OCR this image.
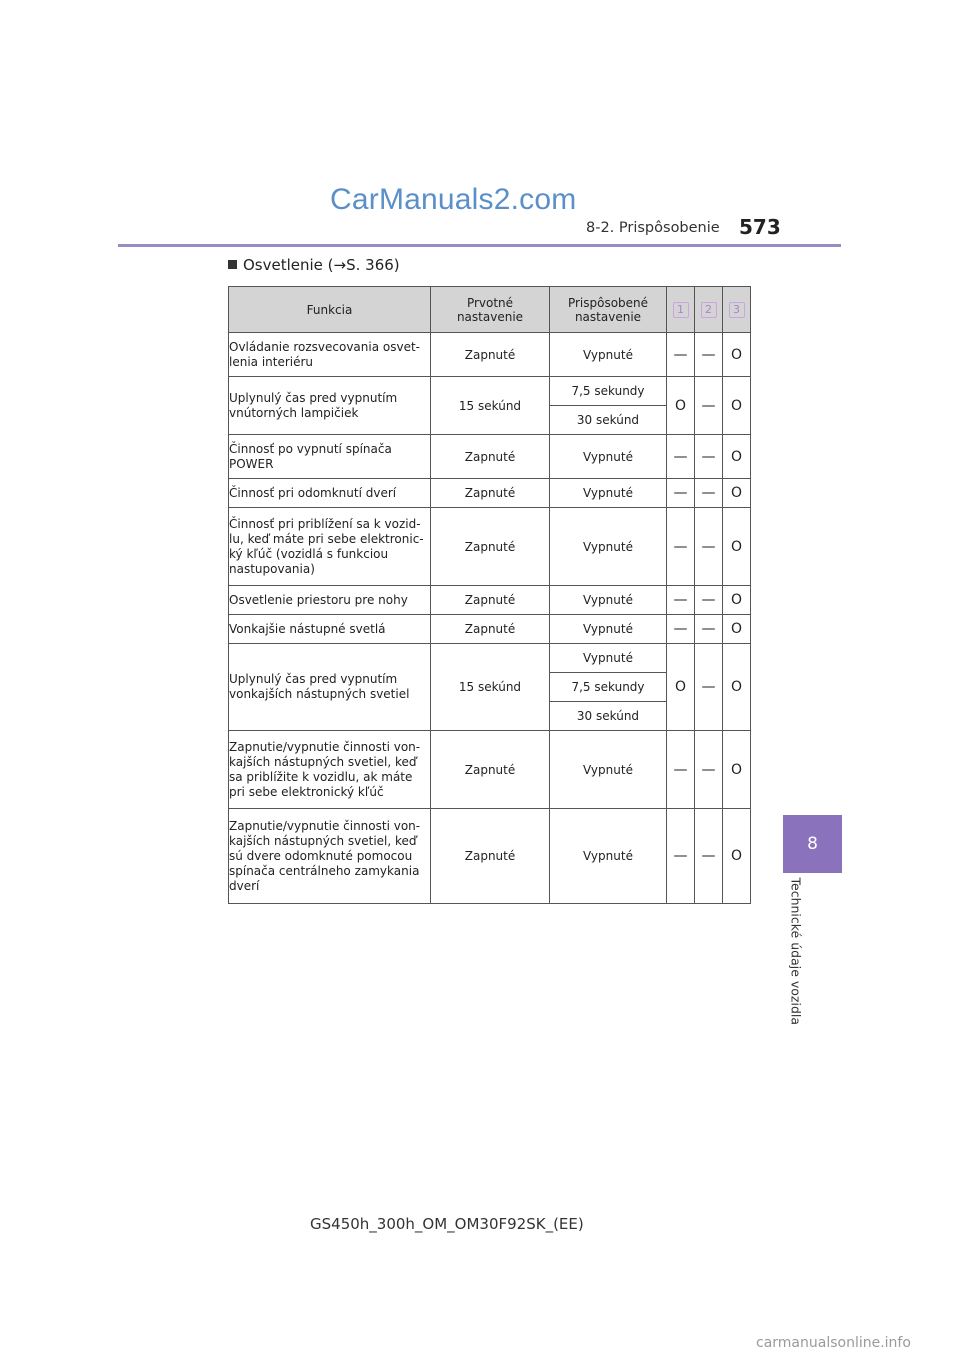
CarManuals2.com
8-2. Prispôsobenie 573
8
Technické údaje vozidla
Osvetlenie (→S. 366)
Funkcia	Prvotné nastavenie	Prispôsobené nastavenie	1	2	3
Ovládanie rozsvecovania osvet-lenia interiéru	Zapnuté	Vypnuté	—	—	O
Uplynulý čas pred vypnutím vnútorných lampičiek	15 sekúnd	7,5 sekundy	O	—	O
		30 sekúnd			
Činnosť po vypnutí spínača POWER	Zapnuté	Vypnuté	—	—	O
Činnosť pri odomknutí dverí	Zapnuté	Vypnuté	—	—	O
Činnosť pri priblížení sa k vozid-lu, keď máte pri sebe elektronic-ký kľúč (vozidlá s funkciou nastupovania)	Zapnuté	Vypnuté	—	—	O
Osvetlenie priestoru pre nohy	Zapnuté	Vypnuté	—	—	O
Vonkajšie nástupné svetlá	Zapnuté	Vypnuté	—	—	O
Uplynulý čas pred vypnutím vonkajších nástupných svetiel	15 sekúnd	Vypnuté	O	—	O
		7,5 sekundy			
		30 sekúnd			
Zapnutie/vypnutie činnosti von-kajších nástupných svetiel, keď sa priblížite k vozidlu, ak máte pri sebe elektronický kľúč	Zapnuté	Vypnuté	—	—	O
Zapnutie/vypnutie činnosti von-kajších nástupných svetiel, keď sú dvere odomknuté pomocou spínača centrálneho zamykania dverí	Zapnuté	Vypnuté	—	—	O
GS450h_300h_OM_OM30F92SK_(EE)
carmanualsonline.info
